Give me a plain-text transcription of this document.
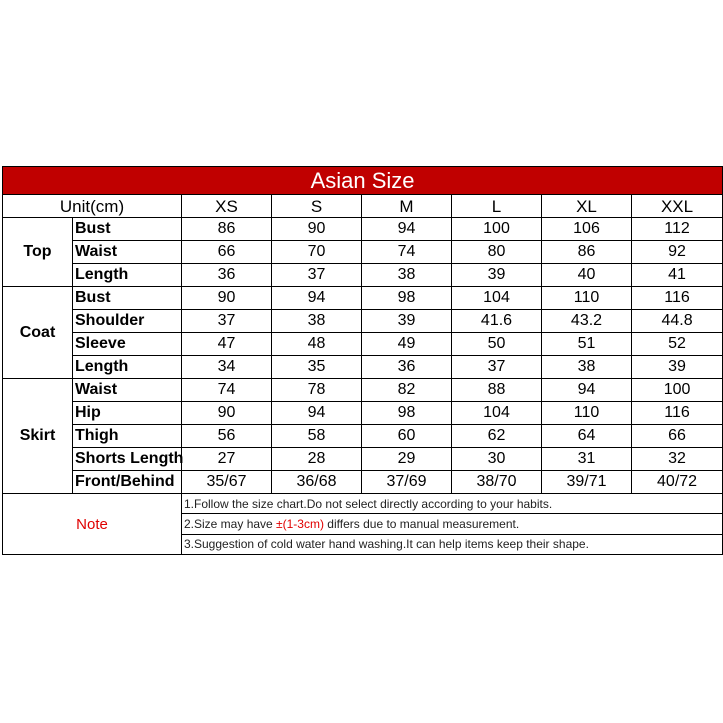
Asian Size							
Unit(cm)		XS	S	M	L	XL	XXL
Top	Bust	86	90	94	100	106	112
	Waist	66	70	74	80	86	92
	Length	36	37	38	39	40	41
Coat	Bust	90	94	98	104	110	116
	Shoulder	37	38	39	41.6	43.2	44.8
	Sleeve	47	48	49	50	51	52
	Length	34	35	36	37	38	39
Skirt	Waist	74	78	82	88	94	100
	Hip	90	94	98	104	110	116
	Thigh	56	58	60	62	64	66
	Shorts Length	27	28	29	30	31	32
	Front/Behind	35/67	36/68	37/69	38/70	39/71	40/72
Note		1.Follow the size chart.Do not select directly according to your habits.					
		2.Size may have ±(1-3cm) differs due to manual measurement.					
		3.Suggestion of cold water hand washing.It can help items keep their shape.					
